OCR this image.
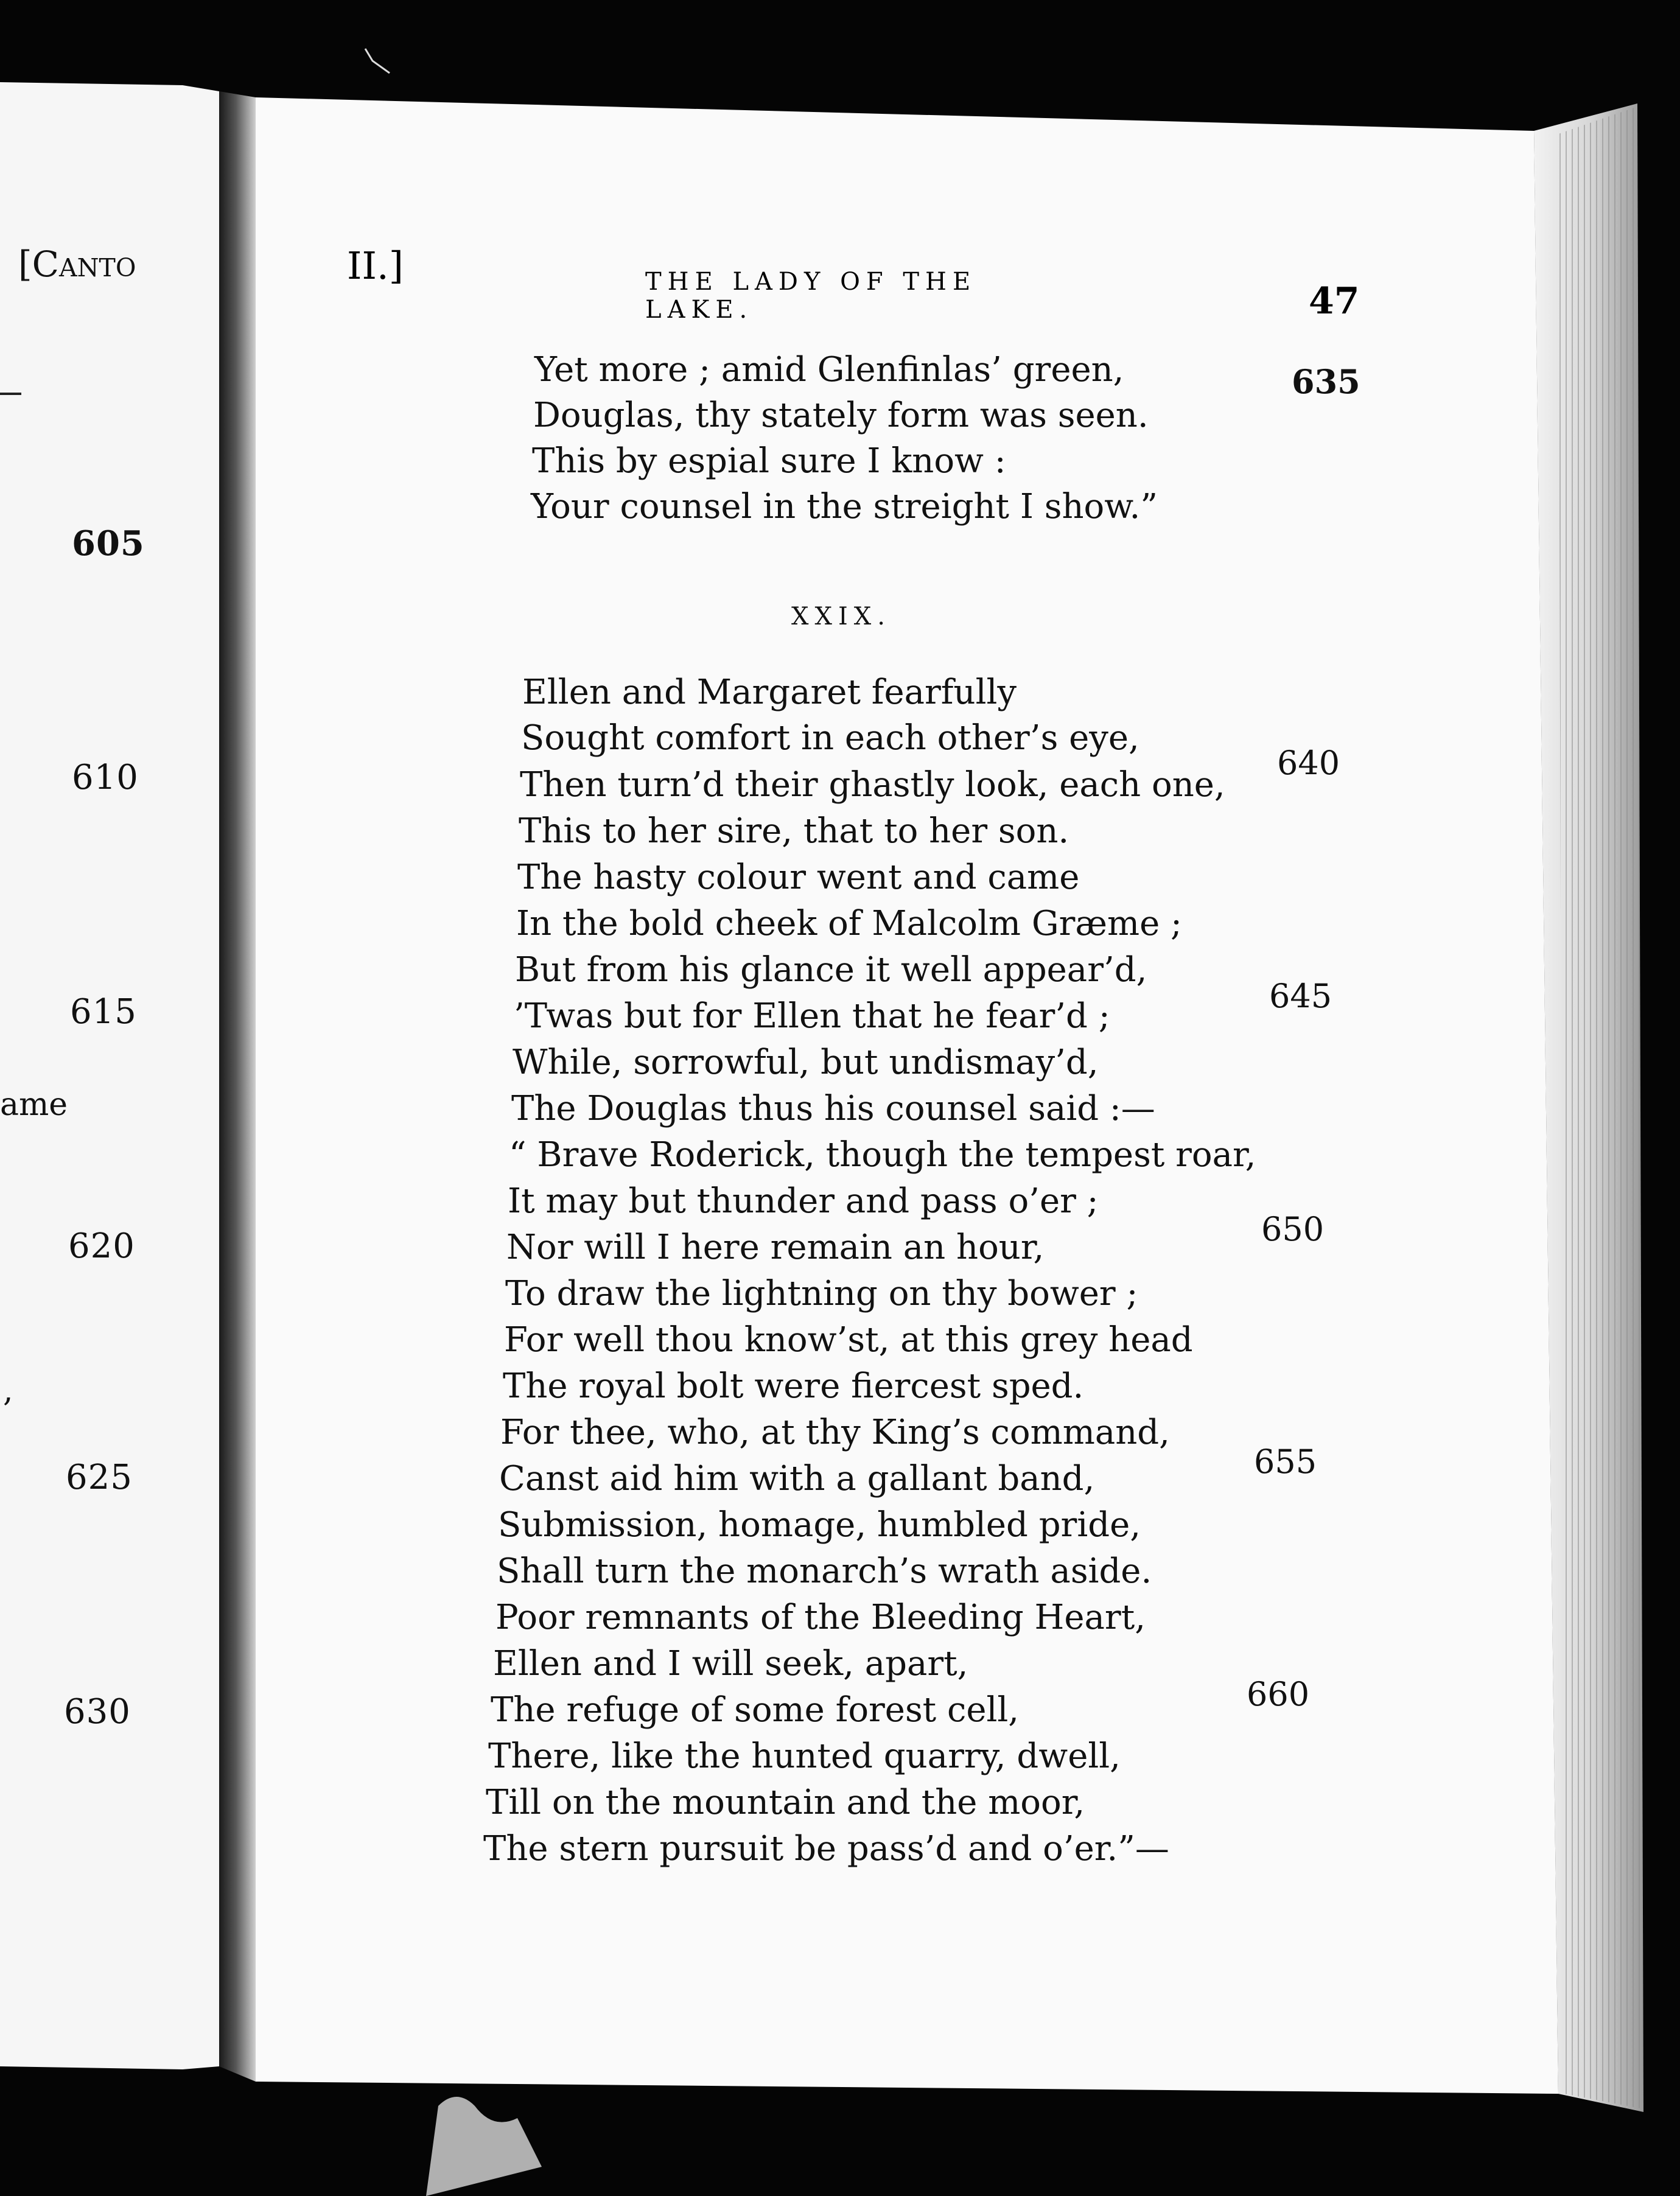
[Canto
ame
,
605
610
615
620
625
630
II.]	THE LADY OF THE LAKE.	47
Yet more ; amid Glenfinlas’ green,
Douglas, thy stately form was seen.
This by espial sure I know :
Your counsel in the streight I show.”
XXIX.
Ellen and Margaret fearfully
Sought comfort in each other’s eye,
Then turn’d their ghastly look, each one,
This to her sire, that to her son.
The hasty colour went and came
In the bold cheek of Malcolm Græme ;
But from his glance it well appear’d,
’Twas but for Ellen that he fear’d ;
While, sorrowful, but undismay’d,
The Douglas thus his counsel said :—
“ Brave Roderick, though the tempest roar,
It may but thunder and pass o’er ;
Nor will I here remain an hour,
To draw the lightning on thy bower ;
For well thou know’st, at this grey head
The royal bolt were fiercest sped.
For thee, who, at thy King’s command,
Canst aid him with a gallant band,
Submission, homage, humbled pride,
Shall turn the monarch’s wrath aside.
Poor remnants of the Bleeding Heart,
Ellen and I will seek, apart,
The refuge of some forest cell,
There, like the hunted quarry, dwell,
Till on the mountain and the moor,
The stern pursuit be pass’d and o’er.”—
635
640
645
650
655
660
